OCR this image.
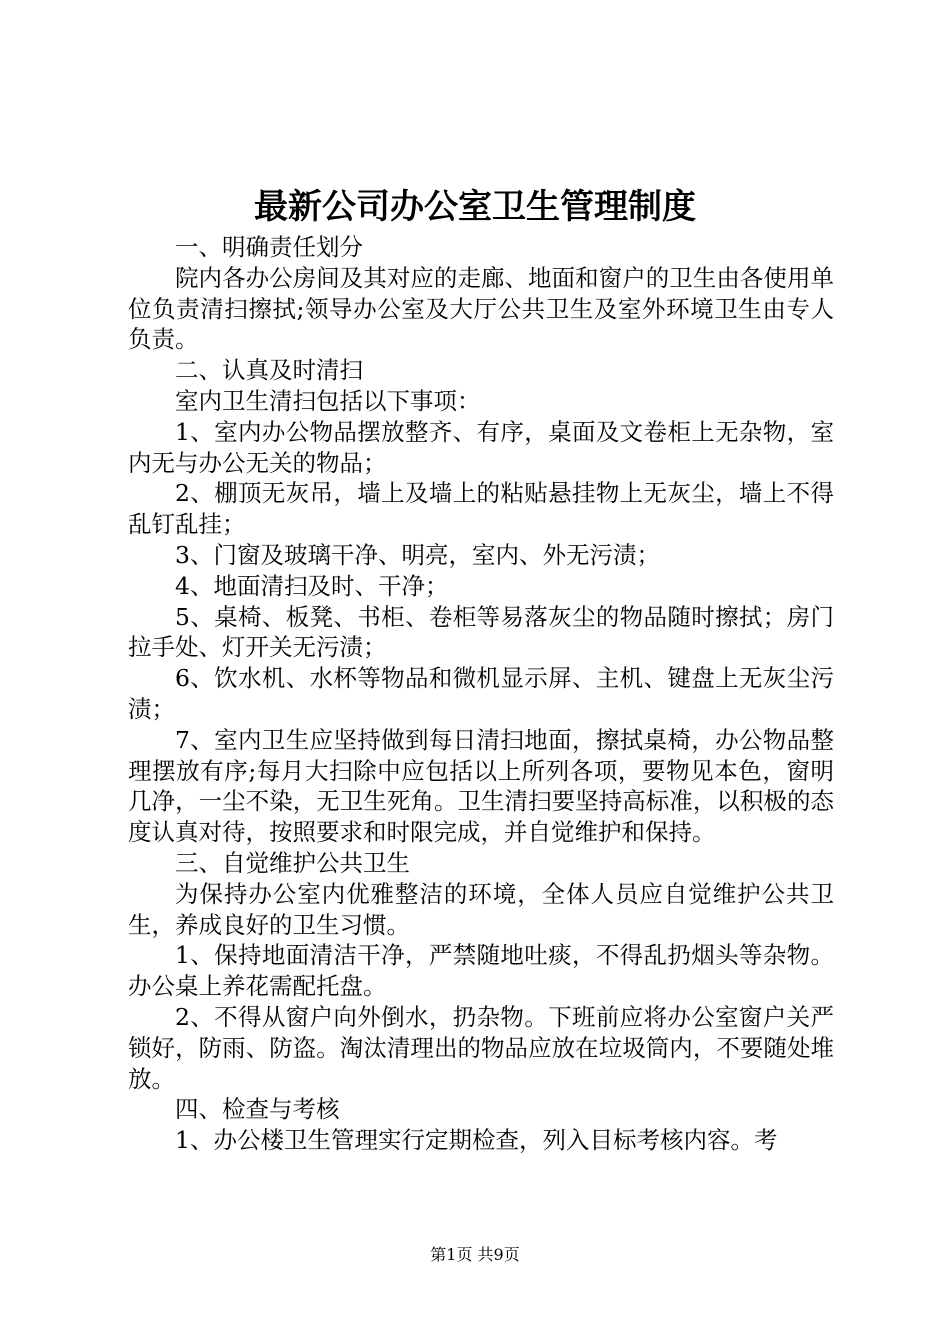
最新公司办公室卫生管理制度

一、明确责任划分

院内各办公房间及其对应的走廊、地面和窗户的卫生由各使用单位负责清扫擦拭;领导办公室及大厅公共卫生及室外环境卫生由专人负责。

二、认真及时清扫

室内卫生清扫包括以下事项：

1、室内办公物品摆放整齐、有序，桌面及文卷柜上无杂物，室内无与办公无关的物品；

2、棚顶无灰吊，墙上及墙上的粘贴悬挂物上无灰尘，墙上不得乱钉乱挂；

3、门窗及玻璃干净、明亮，室内、外无污渍；

4、地面清扫及时、干净；

5、桌椅、板凳、书柜、卷柜等易落灰尘的物品随时擦拭；房门拉手处、灯开关无污渍；

6、饮水机、水杯等物品和微机显示屏、主机、键盘上无灰尘污渍；

7、室内卫生应坚持做到每日清扫地面，擦拭桌椅，办公物品整理摆放有序;每月大扫除中应包括以上所列各项，要物见本色，窗明几净，一尘不染，无卫生死角。卫生清扫要坚持高标准，以积极的态度认真对待，按照要求和时限完成，并自觉维护和保持。

三、自觉维护公共卫生

为保持办公室内优雅整洁的环境，全体人员应自觉维护公共卫生，养成良好的卫生习惯。

1、保持地面清洁干净，严禁随地吐痰，不得乱扔烟头等杂物。办公桌上养花需配托盘。

2、不得从窗户向外倒水，扔杂物。下班前应将办公室窗户关严锁好，防雨、防盗。淘汰清理出的物品应放在垃圾筒内，不要随处堆放。

四、检查与考核

1、办公楼卫生管理实行定期检查，列入目标考核内容。考

第1页 共9页
